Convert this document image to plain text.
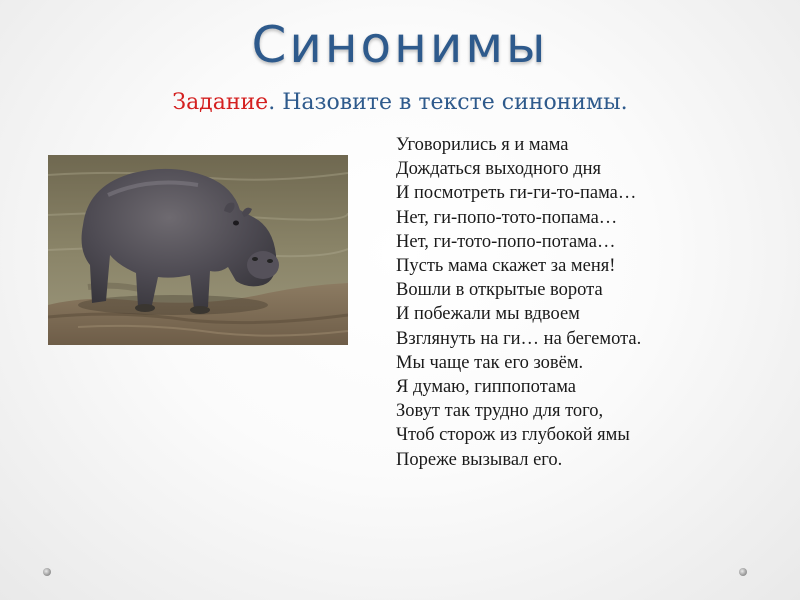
Синонимы
Задание. Назовите в тексте синонимы.
Уговорились я и мама
Дождаться выходного дня
И посмотреть ги-ги-то-пама…
Нет, ги-попо-тото-попама…
Нет, ги-тото-попо-потама…
Пусть мама скажет за меня!
Вошли в открытые ворота
И побежали мы вдвоем
Взглянуть на ги… на бегемота.
Мы чаще так его зовём.
Я думаю, гиппопотама
Зовут так трудно для того,
Чтоб сторож из глубокой ямы
Пореже вызывал его.
